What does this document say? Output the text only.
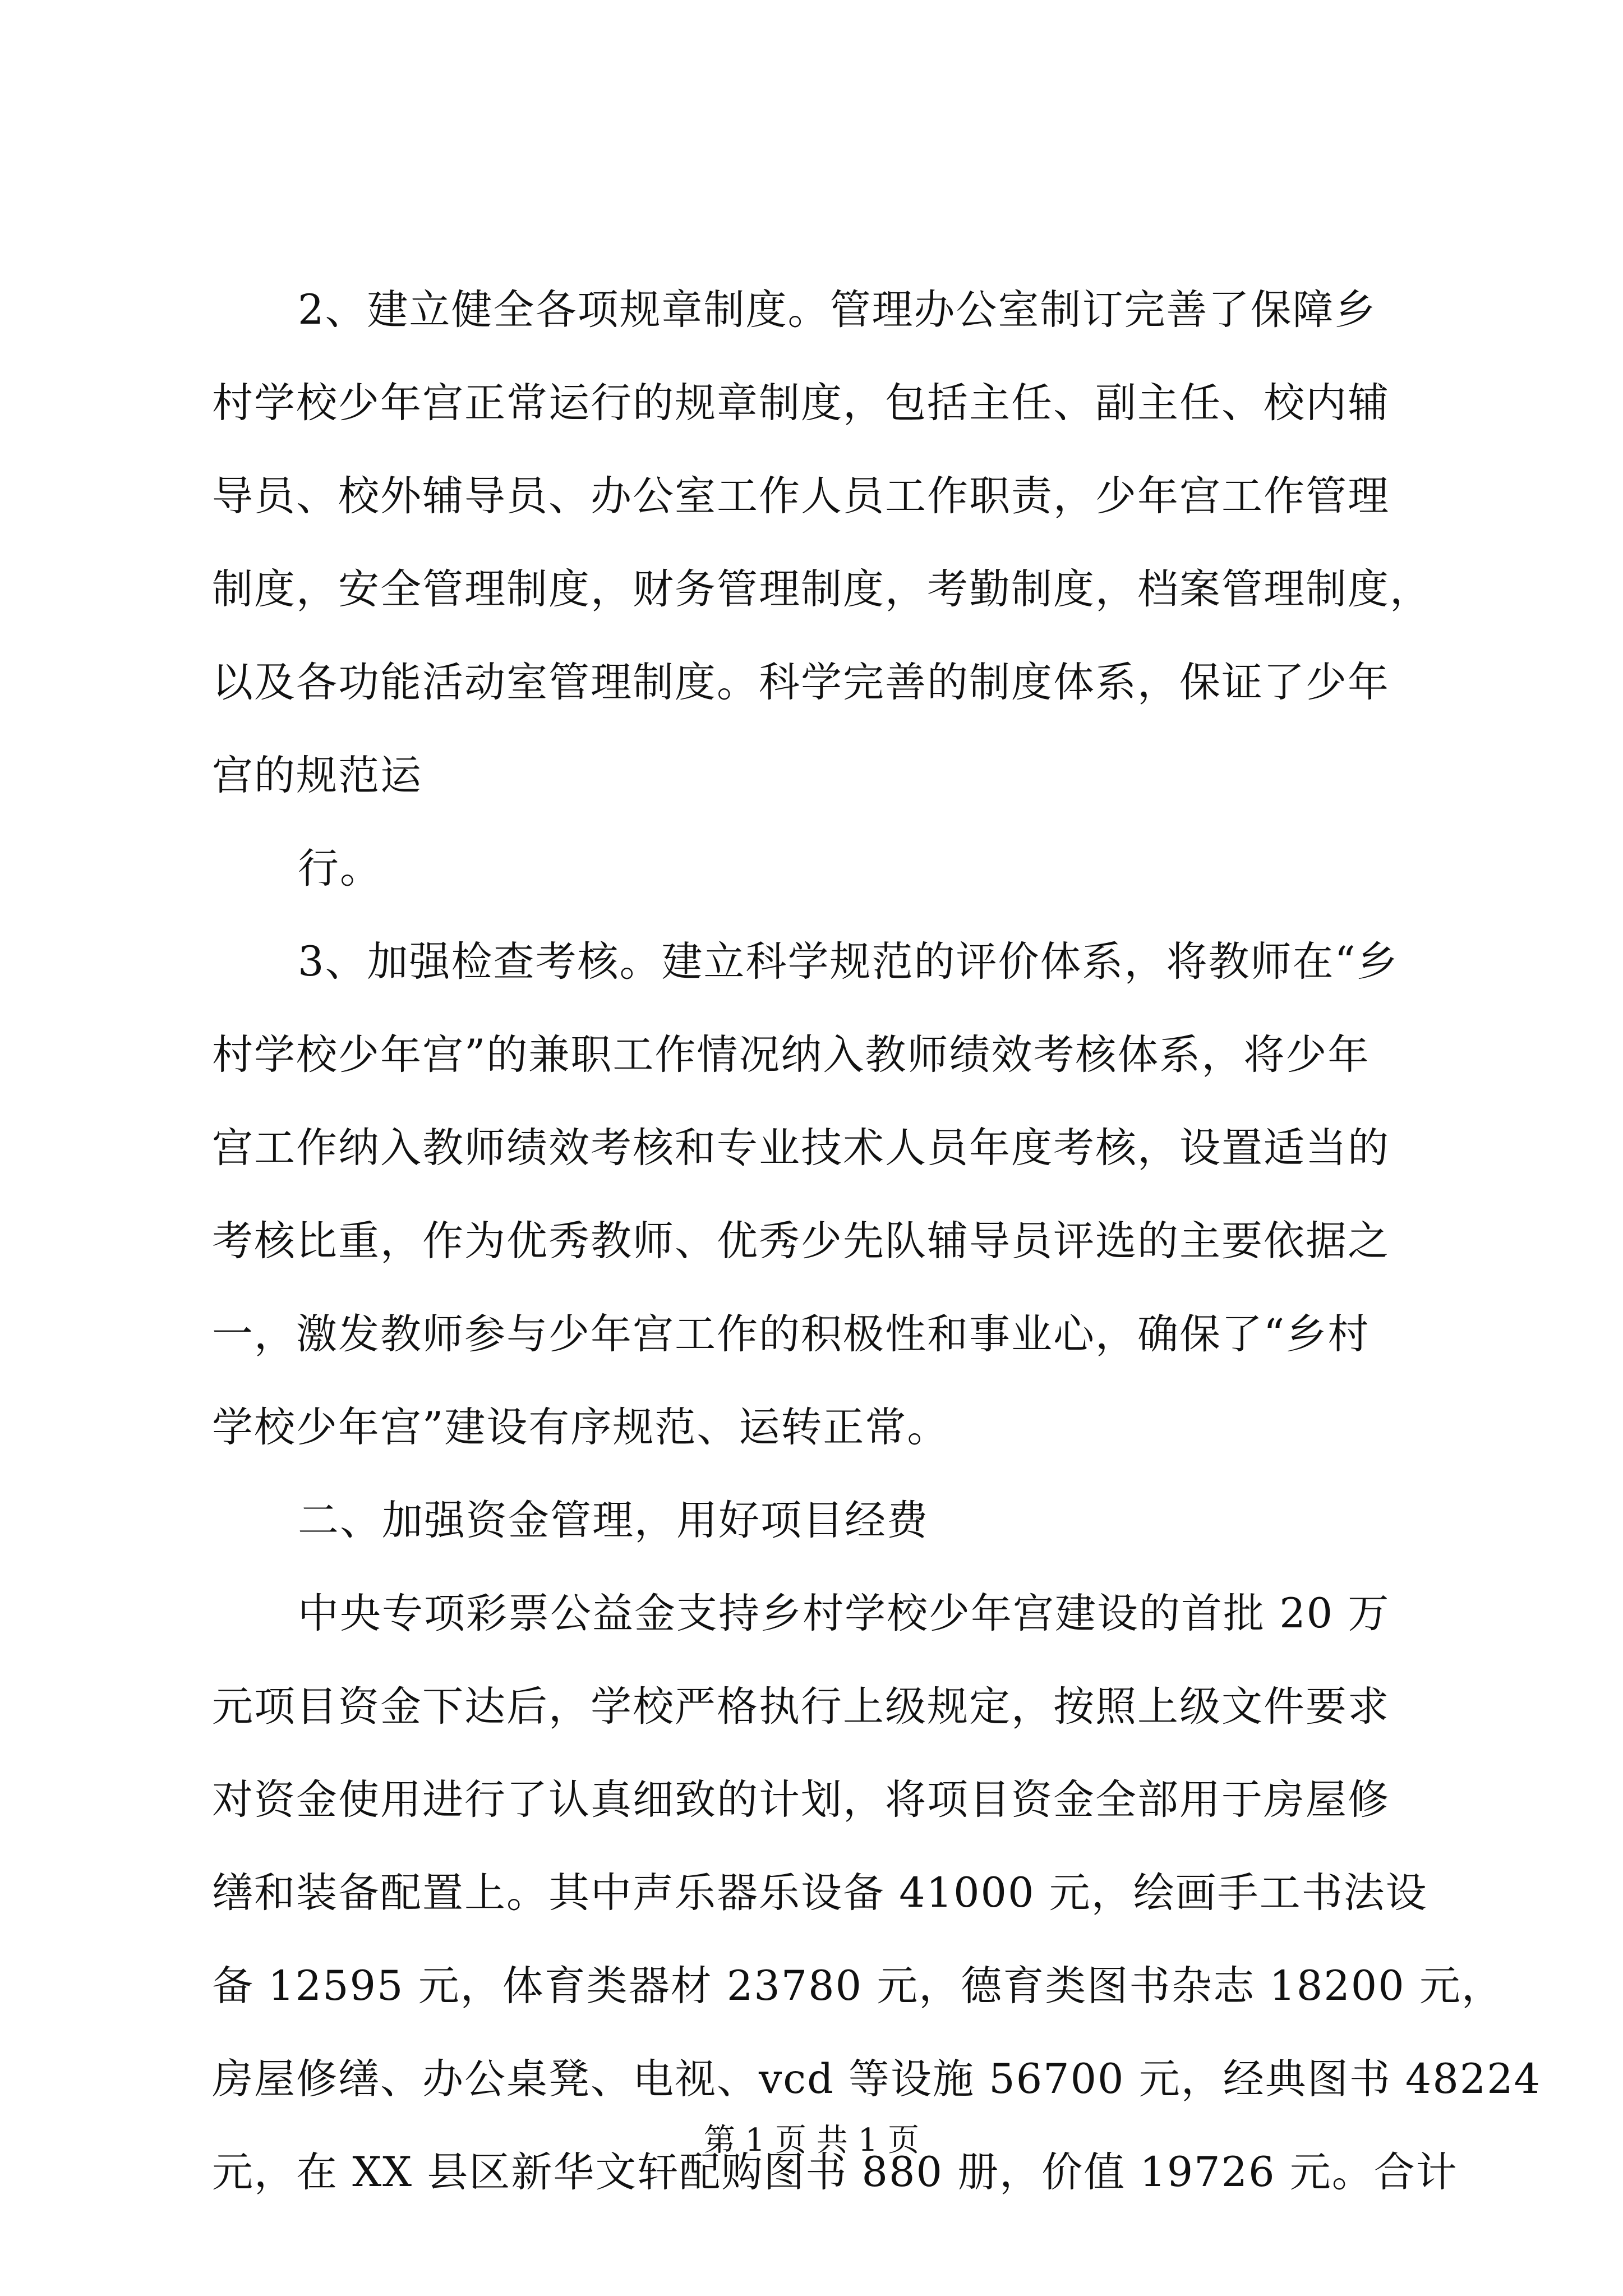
2、建立健全各项规章制度。管理办公室制订完善了保障乡
村学校少年宫正常运行的规章制度，包括主任、副主任、校内辅
导员、校外辅导员、办公室工作人员工作职责，少年宫工作管理
制度，安全管理制度，财务管理制度，考勤制度，档案管理制度，
以及各功能活动室管理制度。科学完善的制度体系，保证了少年
宫的规范运
行。
3、加强检查考核。建立科学规范的评价体系，将教师在“乡
村学校少年宫”的兼职工作情况纳入教师绩效考核体系，将少年
宫工作纳入教师绩效考核和专业技术人员年度考核，设置适当的
考核比重，作为优秀教师、优秀少先队辅导员评选的主要依据之
一，激发教师参与少年宫工作的积极性和事业心，确保了“乡村
学校少年宫”建设有序规范、运转正常。
二、加强资金管理，用好项目经费
中央专项彩票公益金支持乡村学校少年宫建设的首批 20 万
元项目资金下达后，学校严格执行上级规定，按照上级文件要求
对资金使用进行了认真细致的计划，将项目资金全部用于房屋修
缮和装备配置上。其中声乐器乐设备 41000 元，绘画手工书法设
备 12595 元，体育类器材 23780 元，德育类图书杂志 18200 元，
房屋修缮、办公桌凳、电视、vcd 等设施 56700 元，经典图书 48224
元，在 XX 县区新华文轩配购图书 880 册，价值 19726 元。合计
第 1 页 共 1 页
